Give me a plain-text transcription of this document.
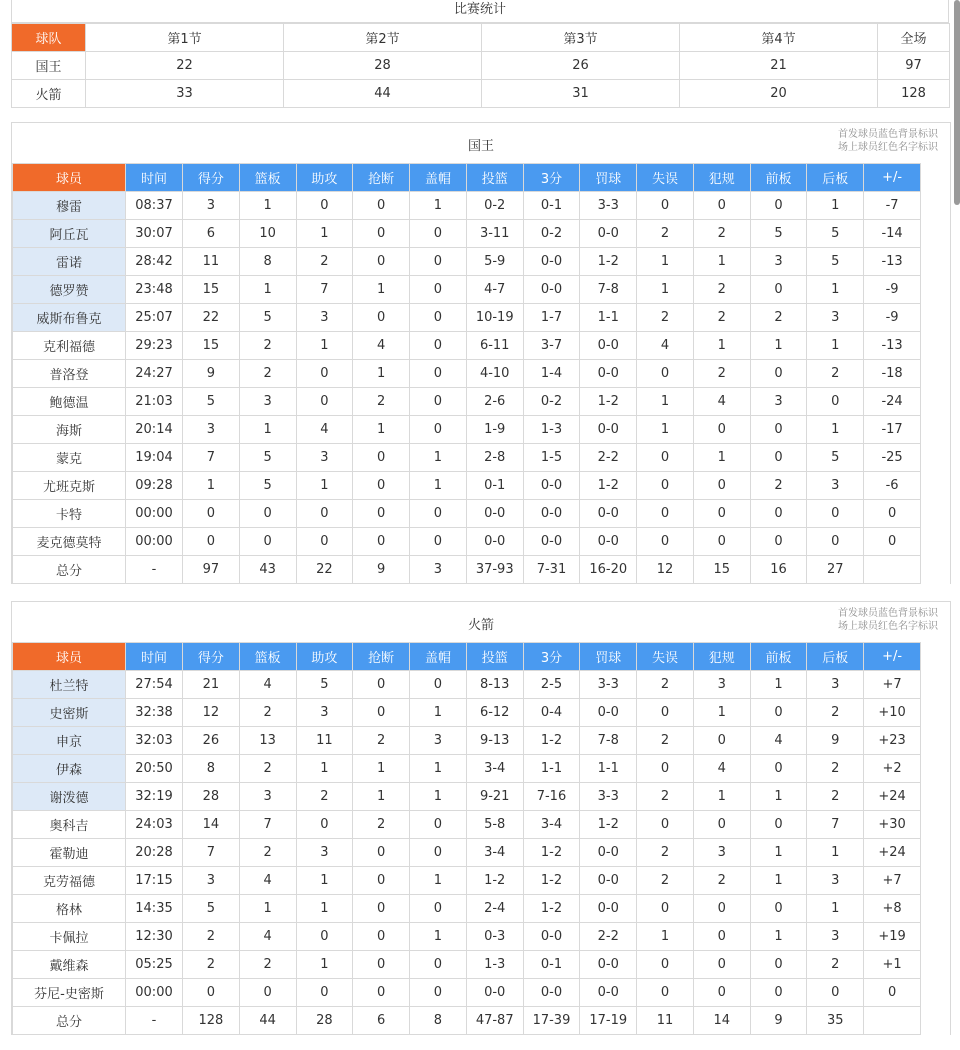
比赛统计
球队	第1节	第2节	第3节	第4节	全场
国王	22	28	26	21	97
火箭	33	44	31	20	128
国王
首发球员蓝色背景标识
场上球员红色名字标识
球员	时间	得分	篮板	助攻	抢断	盖帽	投篮	3分	罚球	失误	犯规	前板	后板	+/-
穆雷	08:37	3	1	0	0	1	0-2	0-1	3-3	0	0	0	1	-7
阿丘瓦	30:07	6	10	1	0	0	3-11	0-2	0-0	2	2	5	5	-14
雷诺	28:42	11	8	2	0	0	5-9	0-0	1-2	1	1	3	5	-13
德罗赞	23:48	15	1	7	1	0	4-7	0-0	7-8	1	2	0	1	-9
威斯布鲁克	25:07	22	5	3	0	0	10-19	1-7	1-1	2	2	2	3	-9
克利福德	29:23	15	2	1	4	0	6-11	3-7	0-0	4	1	1	1	-13
普洛登	24:27	9	2	0	1	0	4-10	1-4	0-0	0	2	0	2	-18
鲍德温	21:03	5	3	0	2	0	2-6	0-2	1-2	1	4	3	0	-24
海斯	20:14	3	1	4	1	0	1-9	1-3	0-0	1	0	0	1	-17
蒙克	19:04	7	5	3	0	1	2-8	1-5	2-2	0	1	0	5	-25
尤班克斯	09:28	1	5	1	0	1	0-1	0-0	1-2	0	0	2	3	-6
卡特	00:00	0	0	0	0	0	0-0	0-0	0-0	0	0	0	0	0
麦克德莫特	00:00	0	0	0	0	0	0-0	0-0	0-0	0	0	0	0	0
总分	-	97	43	22	9	3	37-93	7-31	16-20	12	15	16	27	
火箭
首发球员蓝色背景标识
场上球员红色名字标识
球员	时间	得分	篮板	助攻	抢断	盖帽	投篮	3分	罚球	失误	犯规	前板	后板	+/-
杜兰特	27:54	21	4	5	0	0	8-13	2-5	3-3	2	3	1	3	+7
史密斯	32:38	12	2	3	0	1	6-12	0-4	0-0	0	1	0	2	+10
申京	32:03	26	13	11	2	3	9-13	1-2	7-8	2	0	4	9	+23
伊森	20:50	8	2	1	1	1	3-4	1-1	1-1	0	4	0	2	+2
谢泼德	32:19	28	3	2	1	1	9-21	7-16	3-3	2	1	1	2	+24
奥科吉	24:03	14	7	0	2	0	5-8	3-4	1-2	0	0	0	7	+30
霍勒迪	20:28	7	2	3	0	0	3-4	1-2	0-0	2	3	1	1	+24
克劳福德	17:15	3	4	1	0	1	1-2	1-2	0-0	2	2	1	3	+7
格林	14:35	5	1	1	0	0	2-4	1-2	0-0	0	0	0	1	+8
卡佩拉	12:30	2	4	0	0	1	0-3	0-0	2-2	1	0	1	3	+19
戴维森	05:25	2	2	1	0	0	1-3	0-1	0-0	0	0	0	2	+1
芬尼-史密斯	00:00	0	0	0	0	0	0-0	0-0	0-0	0	0	0	0	0
总分	-	128	44	28	6	8	47-87	17-39	17-19	11	14	9	35	
